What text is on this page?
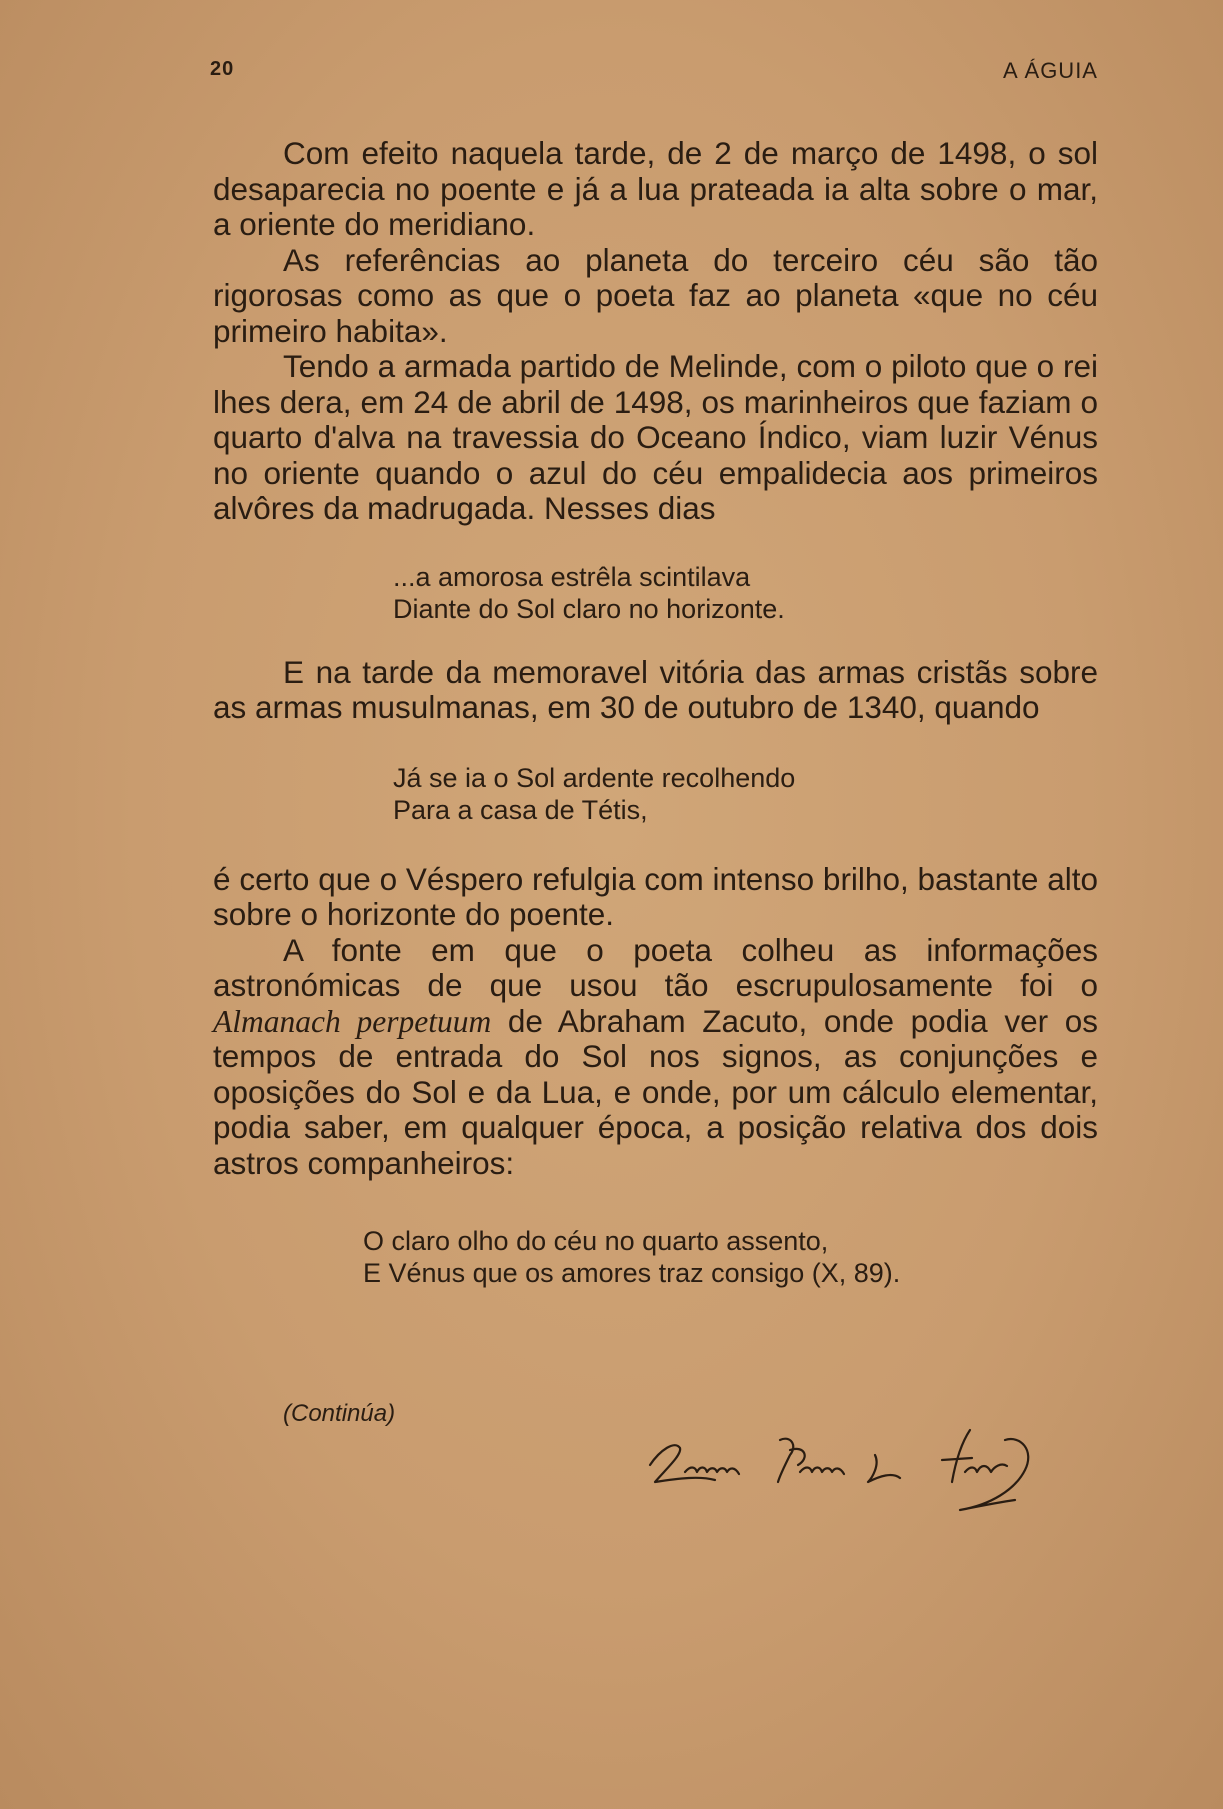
20	A ÁGUIA

Com efeito naquela tarde, de 2 de março de 1498, o sol desaparecia no poente e já a lua prateada ia alta sobre o mar, a oriente do meridiano.

As referências ao planeta do terceiro céu são tão rigorosas como as que o poeta faz ao planeta «que no céu primeiro habita».

Tendo a armada partido de Melinde, com o piloto que o rei lhes dera, em 24 de abril de 1498, os marinheiros que faziam o quarto d'alva na travessia do Oceano Índico, viam luzir Vénus no oriente quando o azul do céu empalidecia aos primeiros alvôres da madrugada. Nesses dias

...a amorosa estrêla scintilava
Diante do Sol claro no horizonte.

E na tarde da memoravel vitória das armas cristãs sobre as armas musulmanas, em 30 de outubro de 1340, quando

Já se ia o Sol ardente recolhendo
Para a casa de Tétis,

é certo que o Véspero refulgia com intenso brilho, bastante alto sobre o horizonte do poente.

A fonte em que o poeta colheu as informações astronómicas de que usou tão escrupulosamente foi o Almanach perpetuum de Abraham Zacuto, onde podia ver os tempos de entrada do Sol nos signos, as conjunções e oposições do Sol e da Lua, e onde, por um cálculo elementar, podia saber, em qualquer época, a posição relativa dos dois astros companheiros:

O claro olho do céu no quarto assento,
E Vénus que os amores traz consigo (X, 89).
(Continúa)
